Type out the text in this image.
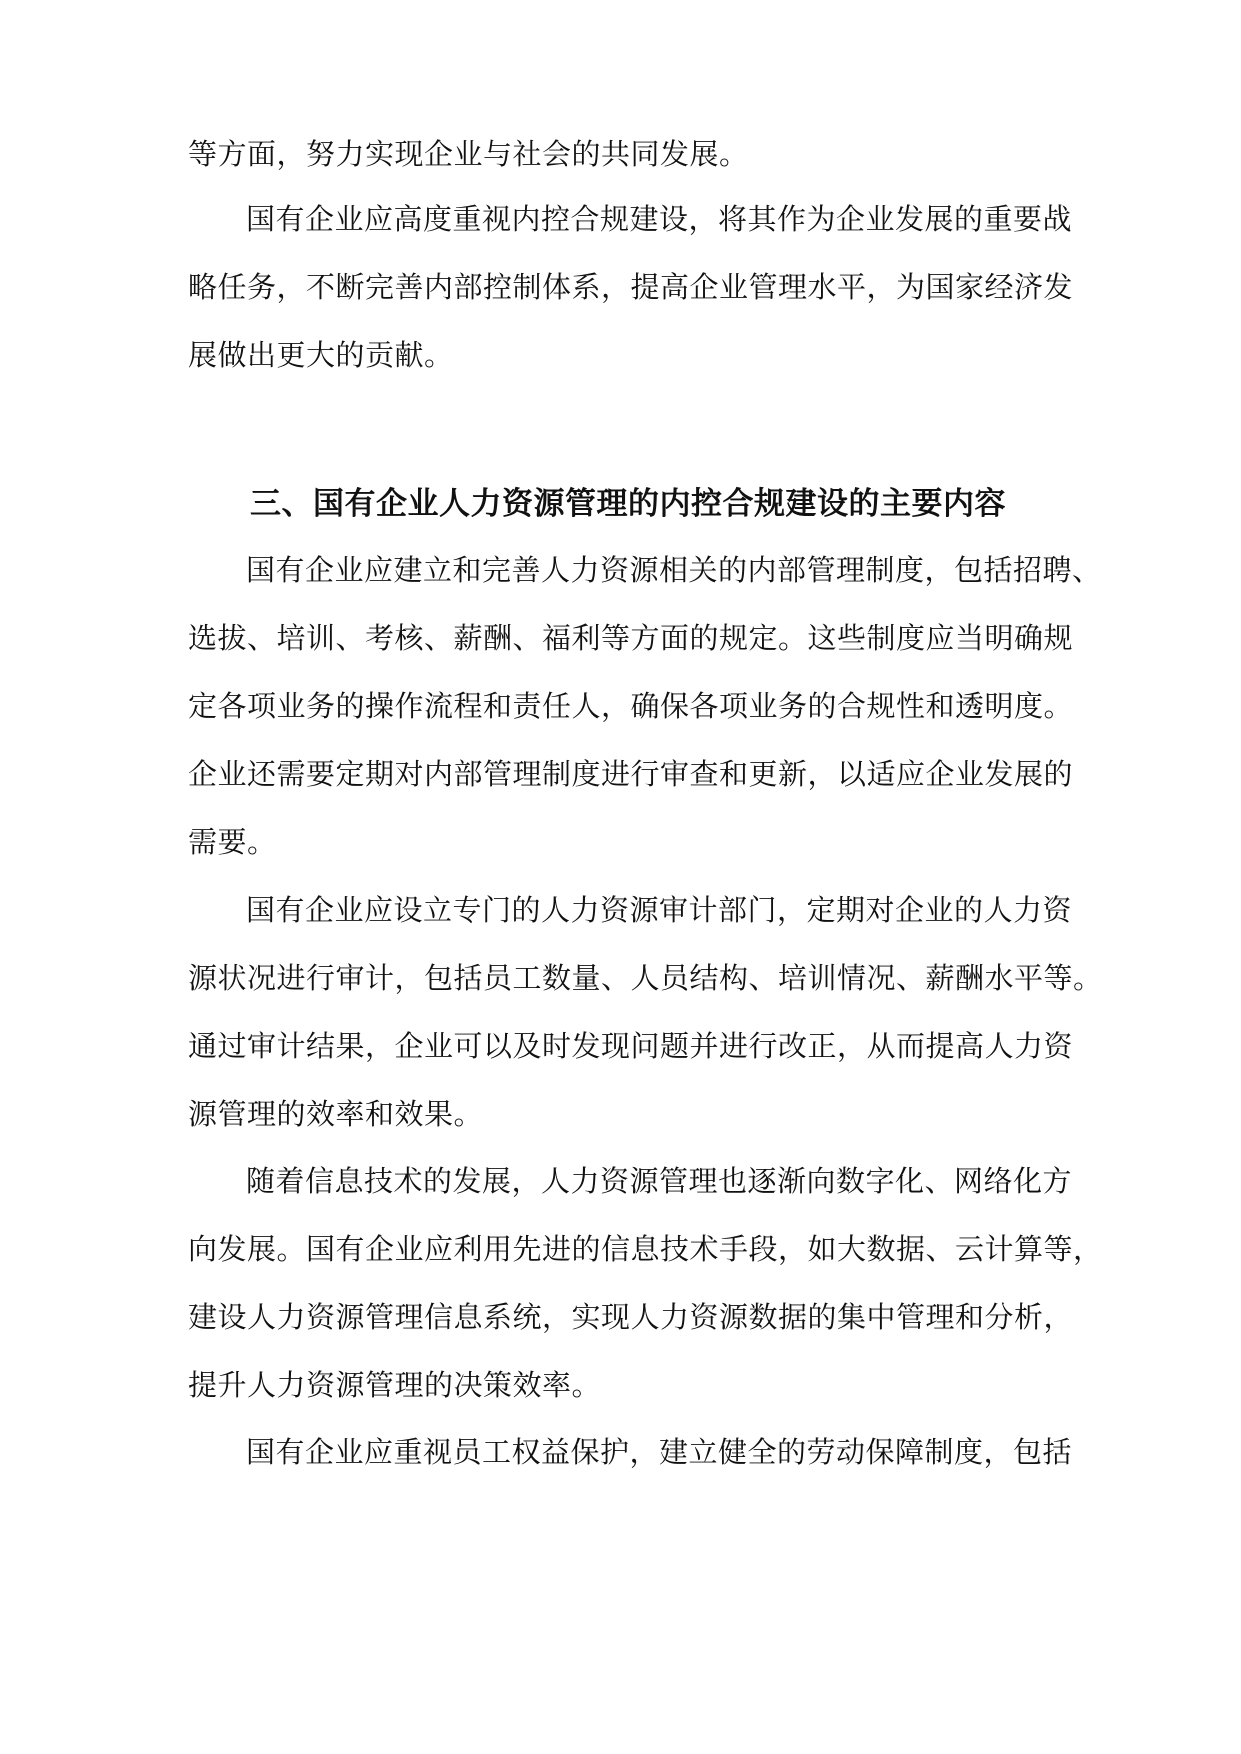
等方面，努力实现企业与社会的共同发展。
国有企业应高度重视内控合规建设，将其作为企业发展的重要战
略任务，不断完善内部控制体系，提高企业管理水平，为国家经济发
展做出更大的贡献。
三、国有企业人力资源管理的内控合规建设的主要内容
国有企业应建立和完善人力资源相关的内部管理制度，包括招聘、
选拔、培训、考核、薪酬、福利等方面的规定。这些制度应当明确规
定各项业务的操作流程和责任人，确保各项业务的合规性和透明度。
企业还需要定期对内部管理制度进行审查和更新，以适应企业发展的
需要。
国有企业应设立专门的人力资源审计部门，定期对企业的人力资
源状况进行审计，包括员工数量、人员结构、培训情况、薪酬水平等。
通过审计结果，企业可以及时发现问题并进行改正，从而提高人力资
源管理的效率和效果。
随着信息技术的发展，人力资源管理也逐渐向数字化、网络化方
向发展。国有企业应利用先进的信息技术手段，如大数据、云计算等，
建设人力资源管理信息系统，实现人力资源数据的集中管理和分析，
提升人力资源管理的决策效率。
国有企业应重视员工权益保护，建立健全的劳动保障制度，包括
